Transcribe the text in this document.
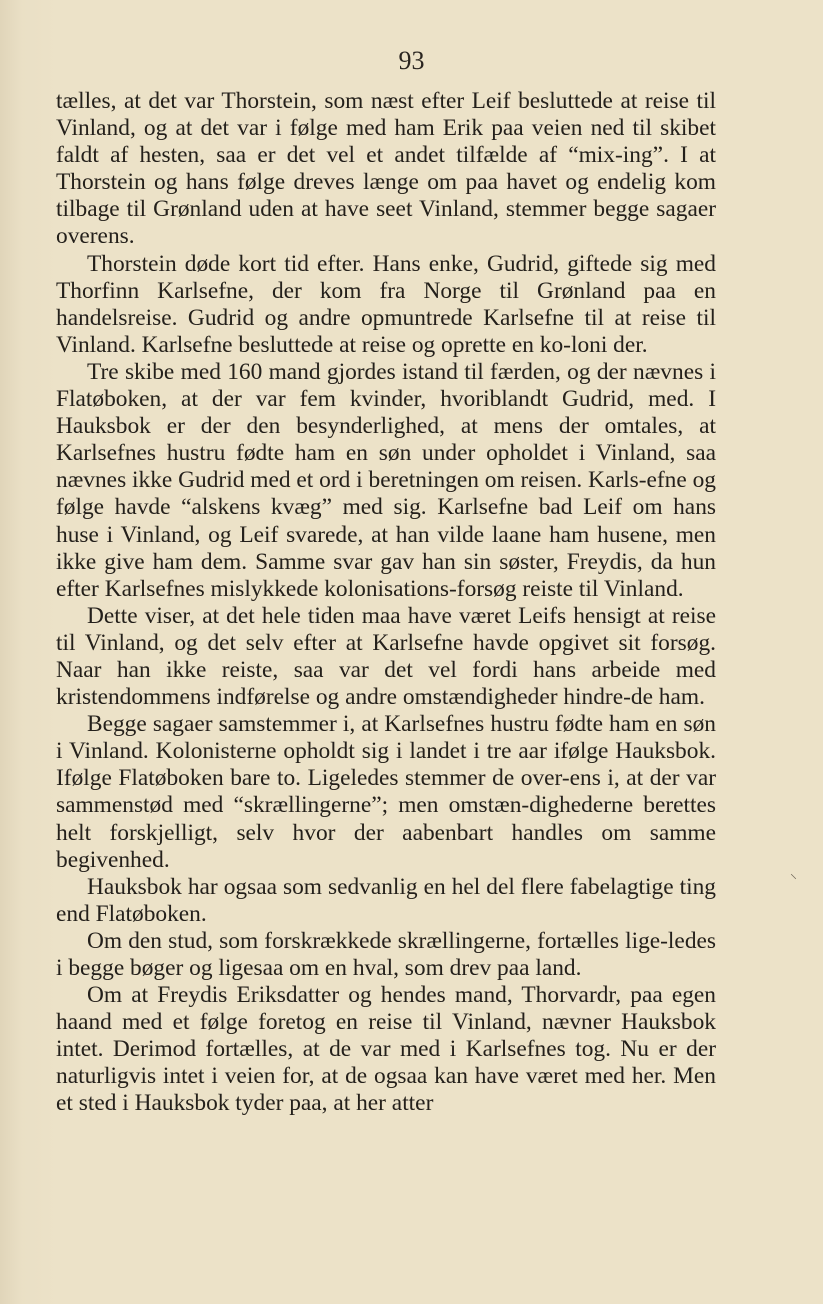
93

tælles, at det var Thorstein, som næst efter Leif besluttede at reise til Vinland, og at det var i følge med ham Erik paa veien ned til skibet faldt af hesten, saa er det vel et andet tilfælde af “mix-ing”. I at Thorstein og hans følge dreves længe om paa havet og endelig kom tilbage til Grønland uden at have seet Vinland, stemmer begge sagaer overens.

Thorstein døde kort tid efter. Hans enke, Gudrid, giftede sig med Thorfinn Karlsefne, der kom fra Norge til Grønland paa en handelsreise. Gudrid og andre opmuntrede Karlsefne til at reise til Vinland. Karlsefne besluttede at reise og oprette en ko-loni der.

Tre skibe med 160 mand gjordes istand til færden, og der nævnes i Flatøboken, at der var fem kvinder, hvoriblandt Gudrid, med. I Hauksbok er der den besynderlighed, at mens der omtales, at Karlsefnes hustru fødte ham en søn under opholdet i Vinland, saa nævnes ikke Gudrid med et ord i beretningen om reisen. Karls-efne og følge havde “alskens kvæg” med sig. Karlsefne bad Leif om hans huse i Vinland, og Leif svarede, at han vilde laane ham husene, men ikke give ham dem. Samme svar gav han sin søster, Freydis, da hun efter Karlsefnes mislykkede kolonisations-forsøg reiste til Vinland.

Dette viser, at det hele tiden maa have været Leifs hensigt at reise til Vinland, og det selv efter at Karlsefne havde opgivet sit forsøg. Naar han ikke reiste, saa var det vel fordi hans arbeide med kristendommens indførelse og andre omstændigheder hindre-de ham.

Begge sagaer samstemmer i, at Karlsefnes hustru fødte ham en søn i Vinland. Kolonisterne opholdt sig i landet i tre aar ifølge Hauksbok. Ifølge Flatøboken bare to. Ligeledes stemmer de over-ens i, at der var sammenstød med “skrællingerne”; men omstæn-dighederne berettes helt forskjelligt, selv hvor der aabenbart handles om samme begivenhed.

Hauksbok har ogsaa som sedvanlig en hel del flere fabelagtige ting end Flatøboken.

Om den stud, som forskrækkede skrællingerne, fortælles lige-ledes i begge bøger og ligesaa om en hval, som drev paa land.

Om at Freydis Eriksdatter og hendes mand, Thorvardr, paa egen haand med et følge foretog en reise til Vinland, nævner Hauksbok intet. Derimod fortælles, at de var med i Karlsefnes tog. Nu er der naturligvis intet i veien for, at de ogsaa kan have været med her. Men et sted i Hauksbok tyder paa, at her atter

⸜
